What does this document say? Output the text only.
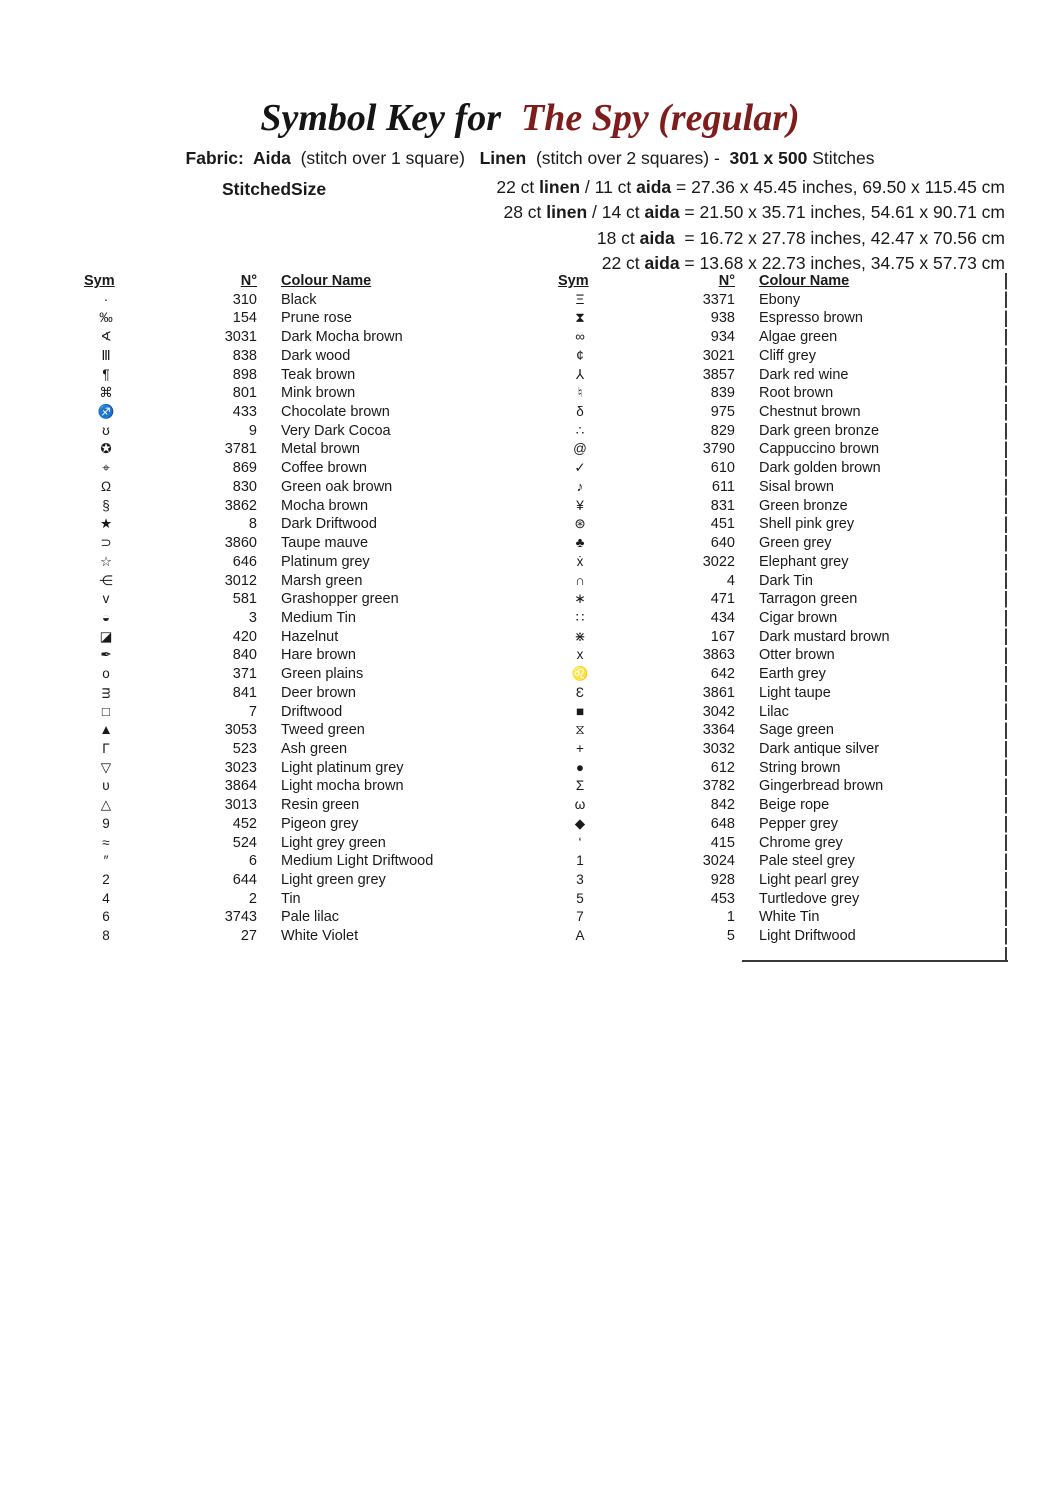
Symbol Key for The Spy (regular)
Fabric:  Aida  (stitch over 1 square)   Linen  (stitch over 2 squares) -  301 x 500 Stitches
StitchedSize	22 ct linen / 11 ct aida = 27.36 x 45.45 inches, 69.50 x 115.45 cm
28 ct linen / 14 ct aida = 21.50 x 35.71 inches, 54.61 x 90.71 cm
18 ct aida  = 16.72 x 27.78 inches, 42.47 x 70.56 cm
22 ct aida = 13.68 x 22.73 inches, 34.75 x 57.73 cm
Sym	N°	Colour Name
·	310	Black
‰	154	Prune rose
∢	3031	Dark Mocha brown
Ⅲ	838	Dark wood
¶	898	Teak brown
⌘	801	Mink brown
♐	433	Chocolate brown
ʊ	9	Very Dark Cocoa
✪	3781	Metal brown
⌖	869	Coffee brown
Ω	830	Green oak brown
§	3862	Mocha brown
★	8	Dark Driftwood
⊃	3860	Taupe mauve
☆	646	Platinum grey
⋲	3012	Marsh green
v	581	Grashopper green
◒	3	Medium Tin
◪	420	Hazelnut
✒	840	Hare brown
o	371	Green plains
ᴟ	841	Deer brown
□	7	Driftwood
▲	3053	Tweed green
Γ	523	Ash green
▽	3023	Light platinum grey
ᴜ	3864	Light mocha brown
△	3013	Resin green
9	452	Pigeon grey
≈	524	Light grey green
″	6	Medium Light Driftwood
2	644	Light green grey
4	2	Tin
6	3743	Pale lilac
8	27	White Violet
Sym	N°	Colour Name
Ξ	3371	Ebony
⧗	938	Espresso brown
∞	934	Algae green
¢	3021	Cliff grey
⅄	3857	Dark red wine
♮	839	Root brown
δ	975	Chestnut brown
∴	829	Dark green bronze
@	3790	Cappuccino brown
✓	610	Dark golden brown
♪	611	Sisal brown
¥	831	Green bronze
⊛	451	Shell pink grey
♣	640	Green grey
ẋ	3022	Elephant grey
∩	4	Dark Tin
∗	471	Tarragon green
∷	434	Cigar brown
⋇	167	Dark mustard brown
x	3863	Otter brown
♌	642	Earth grey
Ɛ	3861	Light taupe
■	3042	Lilac
⧖	3364	Sage green
+	3032	Dark antique silver
●	612	String brown
Σ	3782	Gingerbread brown
ω	842	Beige rope
◆	648	Pepper grey
‘	415	Chrome grey
1	3024	Pale steel grey
3	928	Light pearl grey
5	453	Turtledove grey
7	1	White Tin
A	5	Light Driftwood
